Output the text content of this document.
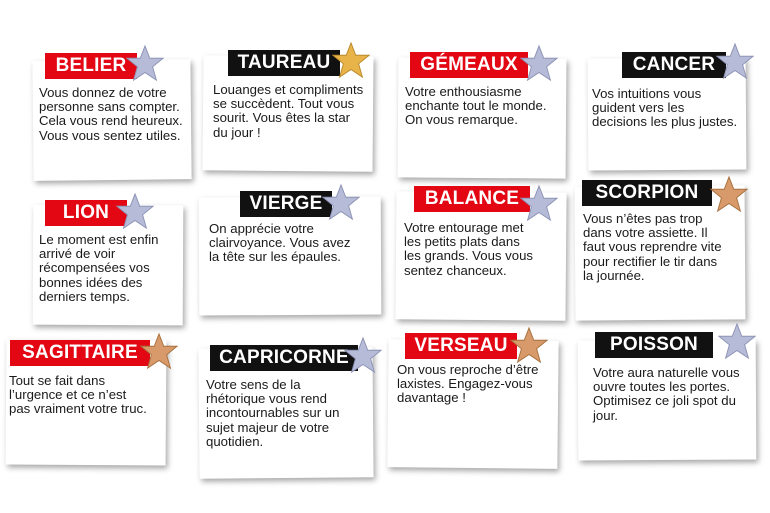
BELIER
Vous donnez de votre
personne sans compter.
Cela vous rend heureux.
Vous vous sentez utiles.
TAUREAU
Louanges et compliments
se succèdent. Tout vous
sourit. Vous êtes la star
du jour !
GÉMEAUX
Votre enthousiasme
enchante tout le monde.
On vous remarque.
CANCER
Vos intuitions vous
guident vers les
decisions les plus justes.
LION
Le moment est enfin
arrivé de voir
récompensées vos
bonnes idées des
derniers temps.
VIERGE
On apprécie votre
clairvoyance. Vous avez
la tête sur les épaules.
BALANCE
Votre entourage met
les petits plats dans
les grands. Vous vous
sentez chanceux.
SCORPION
Vous n’êtes pas trop
dans votre assiette. Il
faut vous reprendre vite
pour rectifier le tir dans
la journée.
SAGITTAIRE
Tout se fait dans
l’urgence et ce n’est
pas vraiment votre truc.
CAPRICORNE
Votre sens de la
rhétorique vous rend
incontournables sur un
sujet majeur de votre
quotidien.
VERSEAU
On vous reproche d’être
laxistes. Engagez-vous
davantage !
POISSON
Votre aura naturelle vous
ouvre toutes les portes.
Optimisez ce joli spot du
jour.
